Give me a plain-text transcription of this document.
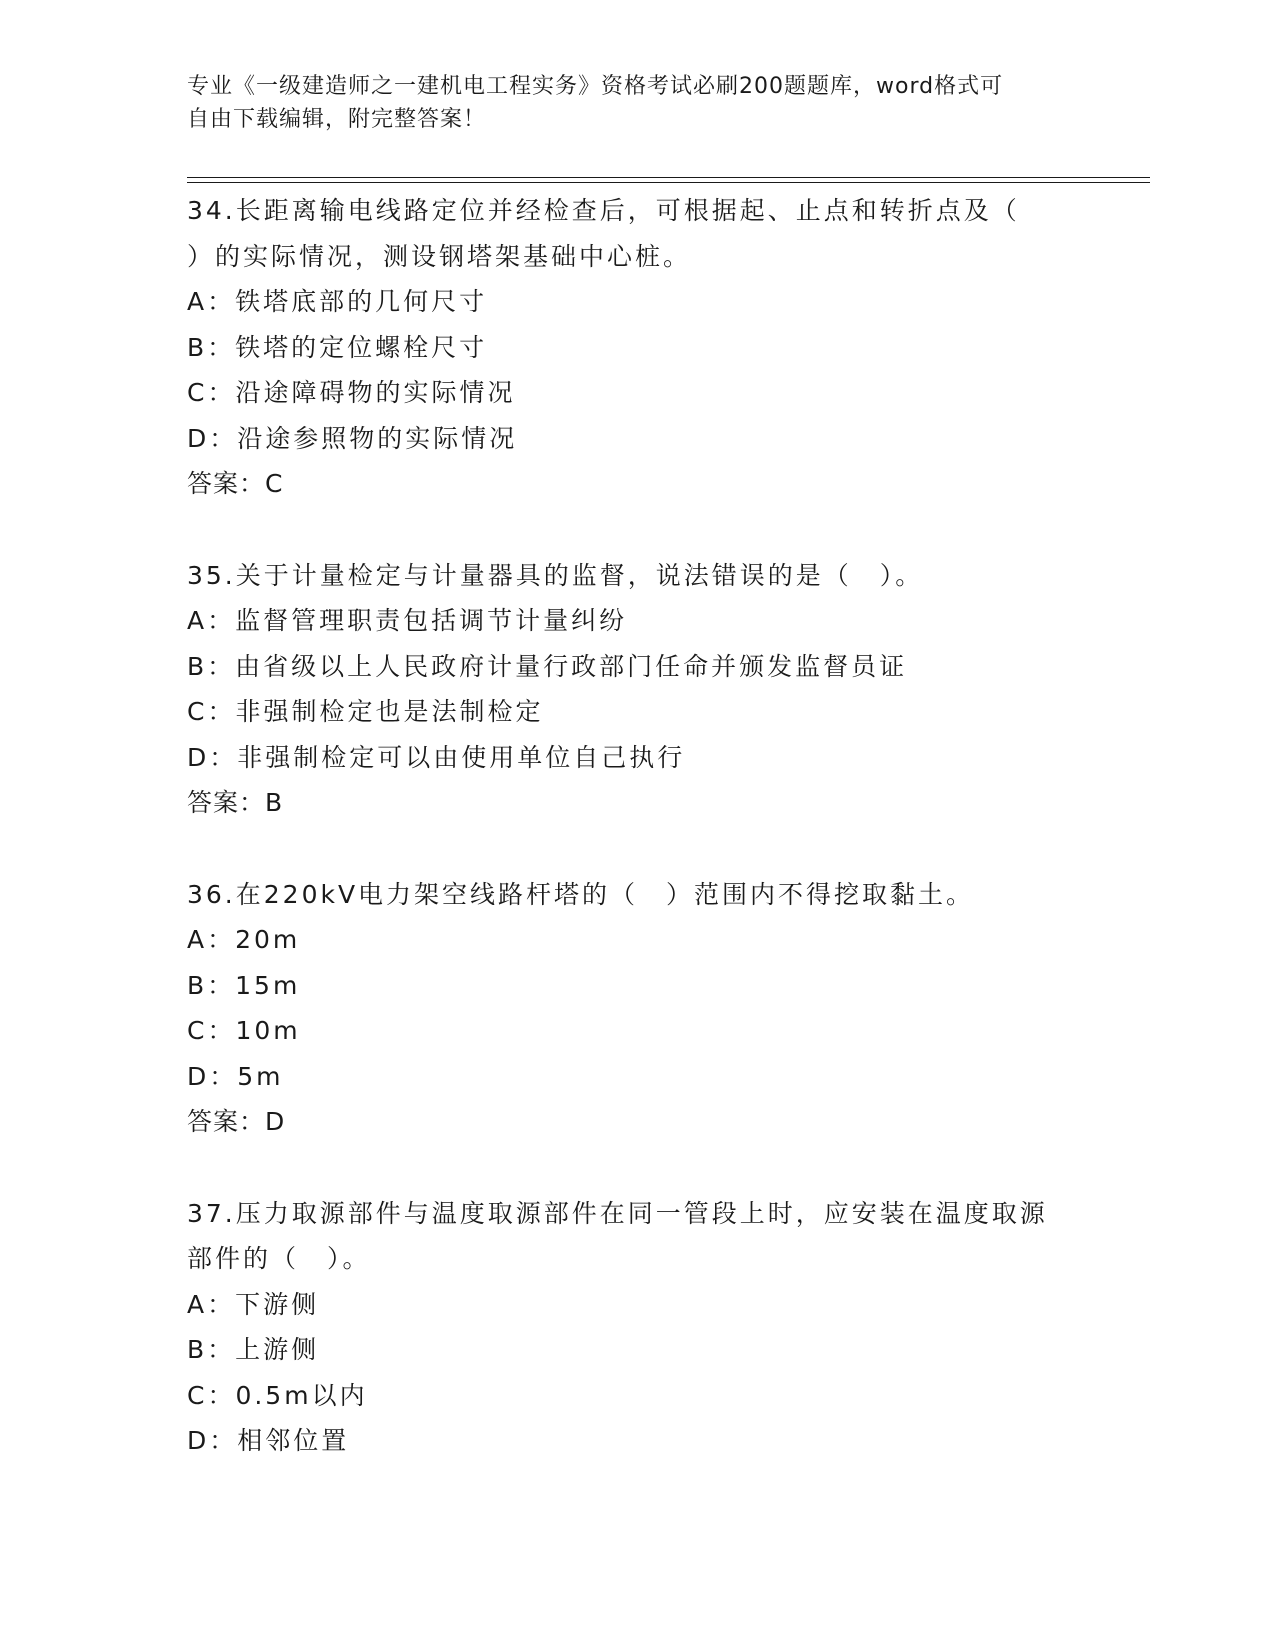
专业《一级建造师之一建机电工程实务》资格考试必刷200题题库，word格式可
自由下载编辑，附完整答案！
34.长距离输电线路定位并经检查后，可根据起、止点和转折点及（
）的实际情况，测设钢塔架基础中心桩。
A：铁塔底部的几何尺寸
B：铁塔的定位螺栓尺寸
C：沿途障碍物的实际情况
D：沿途参照物的实际情况
答案：C
35.关于计量检定与计量器具的监督，说法错误的是（　）。
A：监督管理职责包括调节计量纠纷
B：由省级以上人民政府计量行政部门任命并颁发监督员证
C：非强制检定也是法制检定
D：非强制检定可以由使用单位自己执行
答案：B
36.在220kV电力架空线路杆塔的（　）范围内不得挖取黏土。
A：20m
B：15m
C：10m
D：5m
答案：D
37.压力取源部件与温度取源部件在同一管段上时，应安装在温度取源
部件的（　）。
A：下游侧
B：上游侧
C：0.5m以内
D：相邻位置
